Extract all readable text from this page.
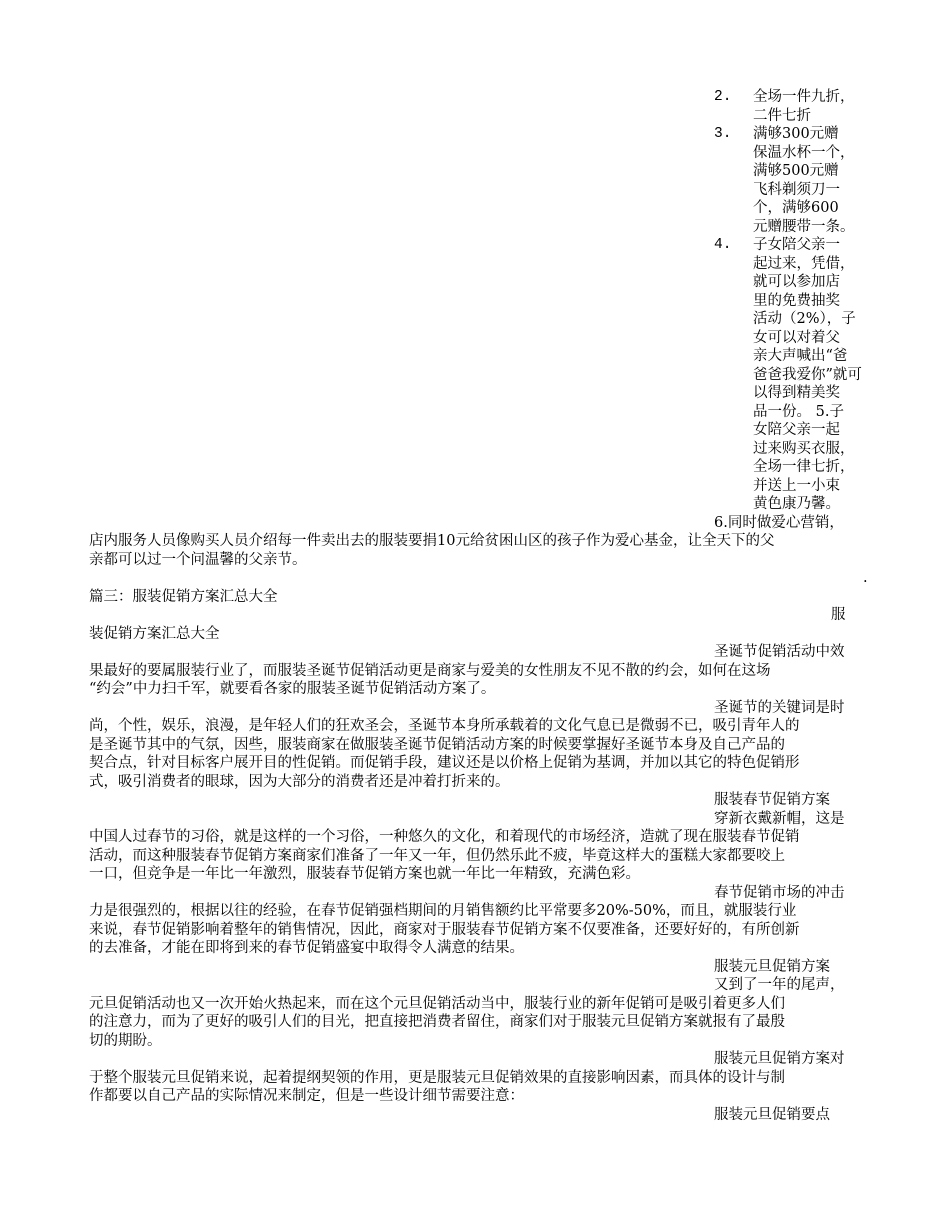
2. 全场一件九折，
二件七折
3. 满够300元赠
保温水杯一个，
满够500元赠
飞科剃须刀一
个，满够600
元赠腰带一条。
4. 子女陪父亲一
起过来，凭借，
就可以参加店
里的免费抽奖
活动（2%），子
女可以对着父
亲大声喊出“爸
爸爸我爱你”就可
以得到精美奖
品一份。 5.子
女陪父亲一起
过来购买衣服，
全场一律七折，
并送上一小束
黄色康乃馨。
6.同时做爱心营销，
店内服务人员像购买人员介绍每一件卖出去的服装要捐10元给贫困山区的孩子作为爱心基金，让全天下的父
亲都可以过一个问温馨的父亲节。
.
篇三：服装促销方案汇总大全
服
装促销方案汇总大全
圣诞节促销活动中效
果最好的要属服装行业了，而服装圣诞节促销活动更是商家与爱美的女性朋友不见不散的约会，如何在这场
“约会”中力扫千军，就要看各家的服装圣诞节促销活动方案了。
圣诞节的关键词是时
尚，个性，娱乐，浪漫，是年轻人们的狂欢圣会，圣诞节本身所承载着的文化气息已是微弱不已，吸引青年人的
是圣诞节其中的气氛，因些，服装商家在做服装圣诞节促销活动方案的时候要掌握好圣诞节本身及自己产品的
契合点，针对目标客户展开目的性促销。而促销手段，建议还是以价格上促销为基调，并加以其它的特色促销形
式，吸引消费者的眼球，因为大部分的消费者还是冲着打折来的。
服装春节促销方案
穿新衣戴新帽，这是
中国人过春节的习俗，就是这样的一个习俗，一种悠久的文化，和着现代的市场经济，造就了现在服装春节促销
活动，而这种服装春节促销方案商家们准备了一年又一年，但仍然乐此不疲，毕竟这样大的蛋糕大家都要咬上
一口，但竞争是一年比一年激烈，服装春节促销方案也就一年比一年精致，充满色彩。
春节促销市场的冲击
力是很强烈的，根据以往的经验，在春节促销强档期间的月销售额约比平常要多20%-50%，而且，就服装行业
来说，春节促销影响着整年的销售情况，因此，商家对于服装春节促销方案不仅要准备，还要好好的，有所创新
的去准备，才能在即将到来的春节促销盛宴中取得令人满意的结果。
服装元旦促销方案
又到了一年的尾声，
元旦促销活动也又一次开始火热起来，而在这个元旦促销活动当中，服装行业的新年促销可是吸引着更多人们
的注意力，而为了更好的吸引人们的目光，把直接把消费者留住，商家们对于服装元旦促销方案就报有了最殷
切的期盼。
服装元旦促销方案对
于整个服装元旦促销来说，起着提纲契领的作用，更是服装元旦促销效果的直接影响因素，而具体的设计与制
作都要以自己产品的实际情况来制定，但是一些设计细节需要注意：
服装元旦促销要点
